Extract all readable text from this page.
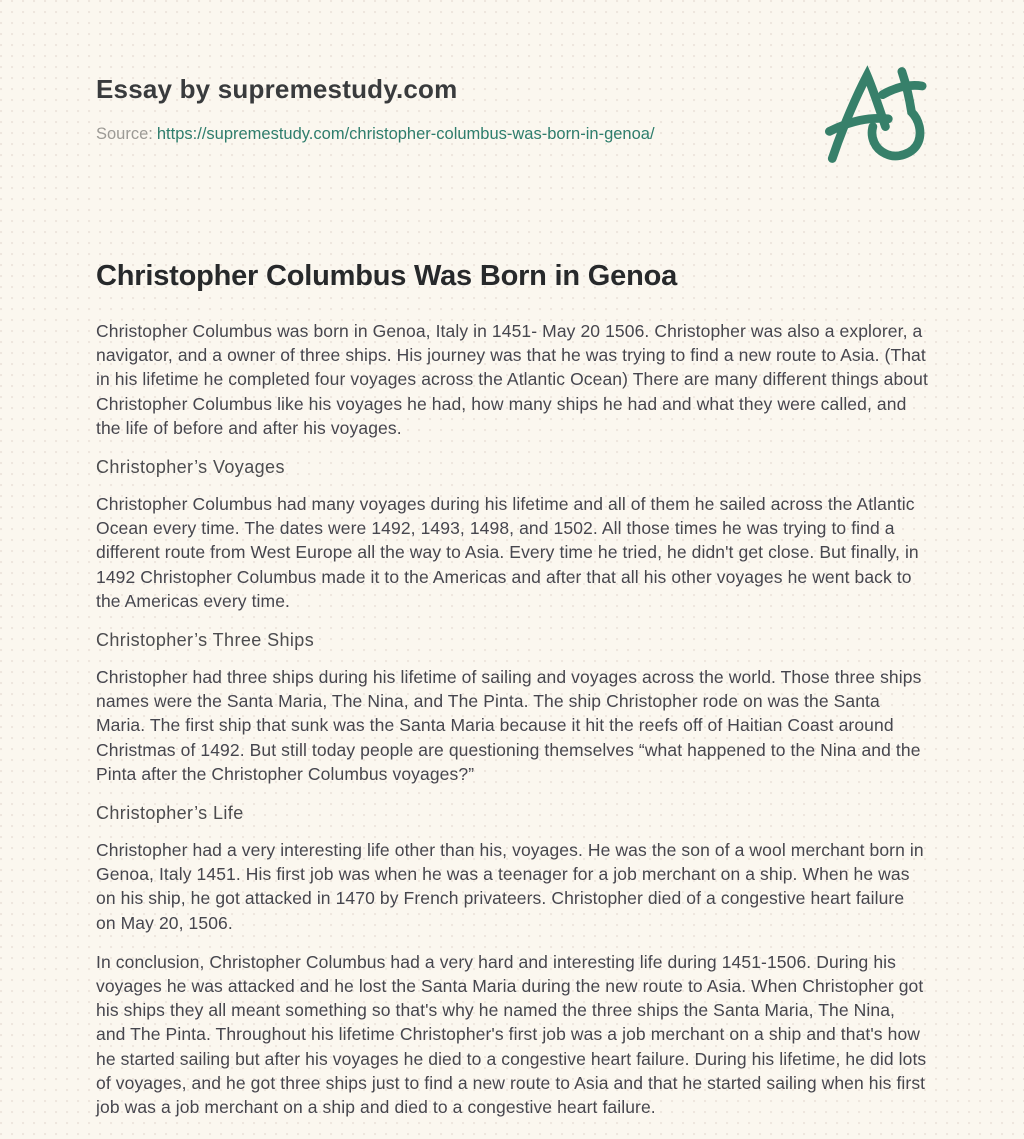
Essay by supremestudy.com
Source: https://supremestudy.com/christopher-columbus-was-born-in-genoa/
Christopher Columbus Was Born in Genoa

Christopher Columbus was born in Genoa, Italy in 1451- May 20 1506. Christopher was also a explorer, a navigator, and a owner of three ships. His journey was that he was trying to find a new route to Asia. (That in his lifetime he completed four voyages across the Atlantic Ocean) There are many different things about Christopher Columbus like his voyages he had, how many ships he had and what they were called, and the life of before and after his voyages.

Christopher’s Voyages

Christopher Columbus had many voyages during his lifetime and all of them he sailed across the Atlantic Ocean every time. The dates were 1492, 1493, 1498, and 1502. All those times he was trying to find a different route from West Europe all the way to Asia. Every time he tried, he didn't get close. But finally, in 1492 Christopher Columbus made it to the Americas and after that all his other voyages he went back to the Americas every time.

Christopher’s Three Ships

Christopher had three ships during his lifetime of sailing and voyages across the world. Those three ships names were the Santa Maria, The Nina, and The Pinta. The ship Christopher rode on was the Santa Maria. The first ship that sunk was the Santa Maria because it hit the reefs off of Haitian Coast around Christmas of 1492. But still today people are questioning themselves “what happened to the Nina and the Pinta after the Christopher Columbus voyages?”

Christopher’s Life

Christopher had a very interesting life other than his, voyages. He was the son of a wool merchant born in Genoa, Italy 1451. His first job was when he was a teenager for a job merchant on a ship. When he was on his ship, he got attacked in 1470 by French privateers. Christopher died of a congestive heart failure on May 20, 1506.

In conclusion, Christopher Columbus had a very hard and interesting life during 1451-1506. During his voyages he was attacked and he lost the Santa Maria during the new route to Asia. When Christopher got his ships they all meant something so that's why he named the three ships the Santa Maria, The Nina, and The Pinta. Throughout his lifetime Christopher's first job was a job merchant on a ship and that's how he started sailing but after his voyages he died to a congestive heart failure. During his lifetime, he did lots of voyages, and he got three ships just to find a new route to Asia and that he started sailing when his first job was a job merchant on a ship and died to a congestive heart failure.
